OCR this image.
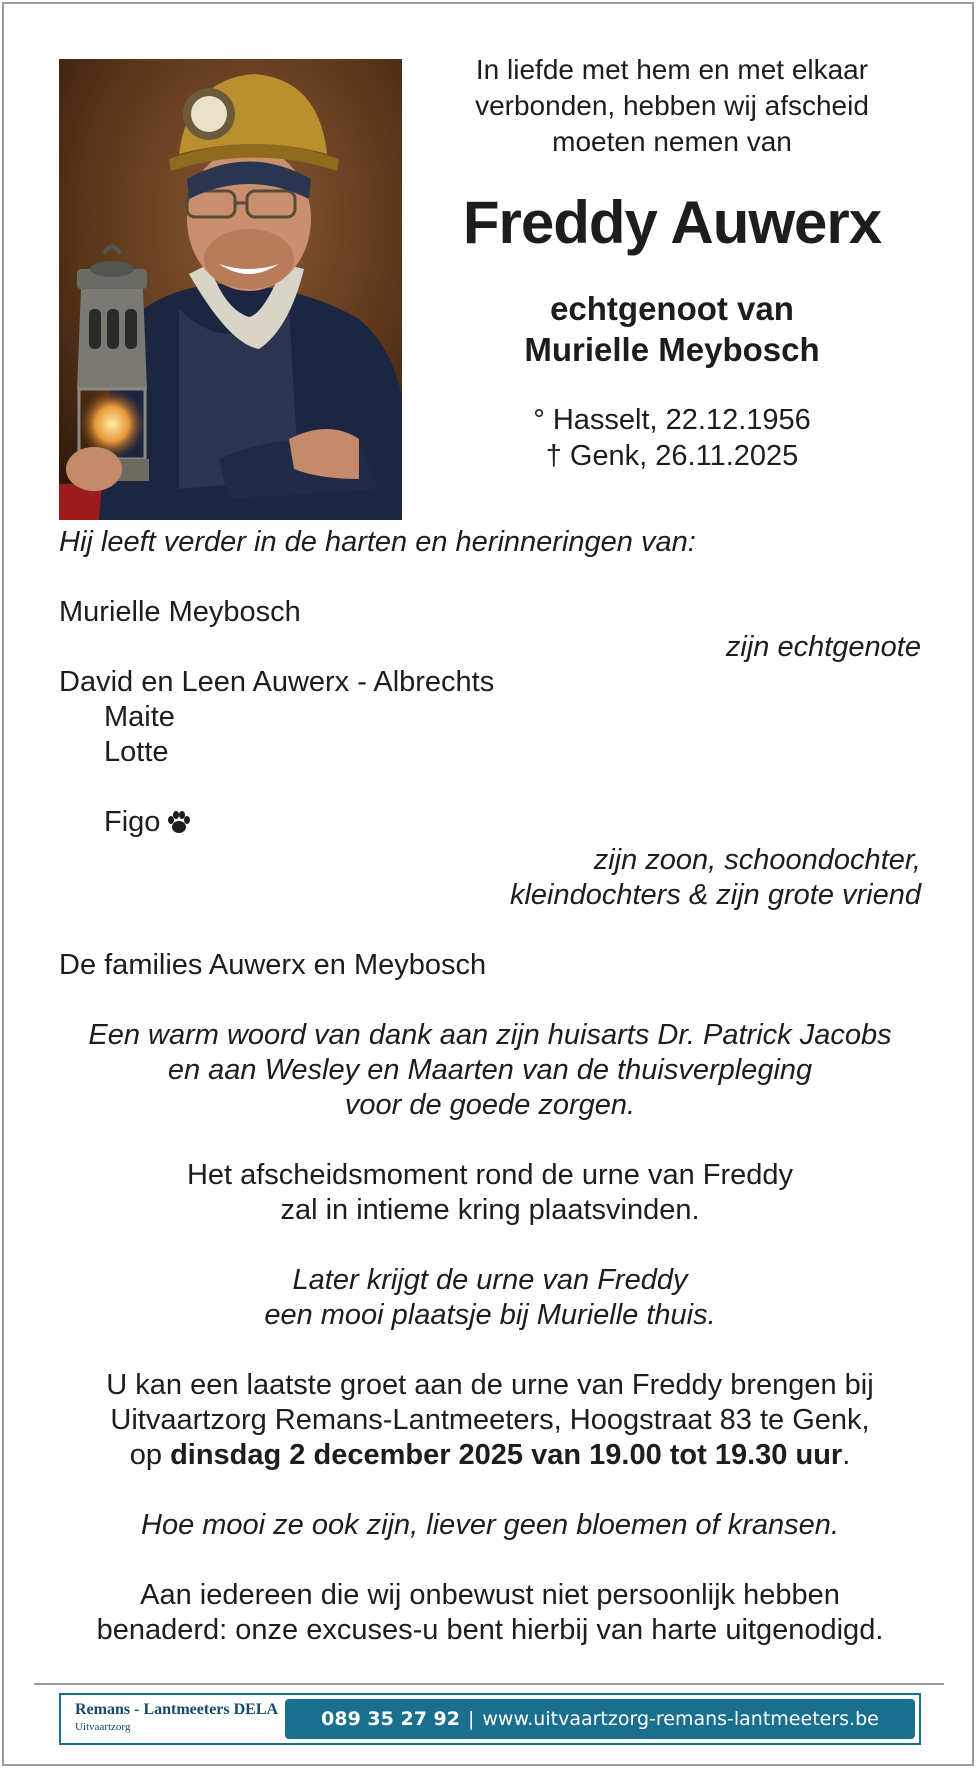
In liefde met hem en met elkaar
verbonden, hebben wij afscheid
moeten nemen van

Freddy Auwerx

echtgenoot van
Murielle Meybosch

° Hasselt, 22.12.1956
† Genk, 26.11.2025

Hij leeft verder in de harten en herinneringen van:
Murielle Meybosch
zijn echtgenote
David en Leen Auwerx - Albrechts
Maite
Lotte
Figo
zijn zoon, schoondochter,
kleindochters & zijn grote vriend
De families Auwerx en Meybosch
Een warm woord van dank aan zijn huisarts Dr. Patrick Jacobs
en aan Wesley en Maarten van de thuisverpleging
voor de goede zorgen.
Het afscheidsmoment rond de urne van Freddy
zal in intieme kring plaatsvinden.
Later krijgt de urne van Freddy
een mooi plaatsje bij Murielle thuis.
U kan een laatste groet aan de urne van Freddy brengen bij
Uitvaartzorg Remans-Lantmeeters, Hoogstraat 83 te Genk,
op dinsdag 2 december 2025 van 19.00 tot 19.30 uur.
Hoe mooi ze ook zijn, liever geen bloemen of kransen.
Aan iedereen die wij onbewust niet persoonlijk hebben
benaderd: onze excuses-u bent hierbij van harte uitgenodigd.
Remans - Lantmeeters DELA
Uitvaartzorg	089 35 27 92 | www.uitvaartzorg-remans-lantmeeters.be
